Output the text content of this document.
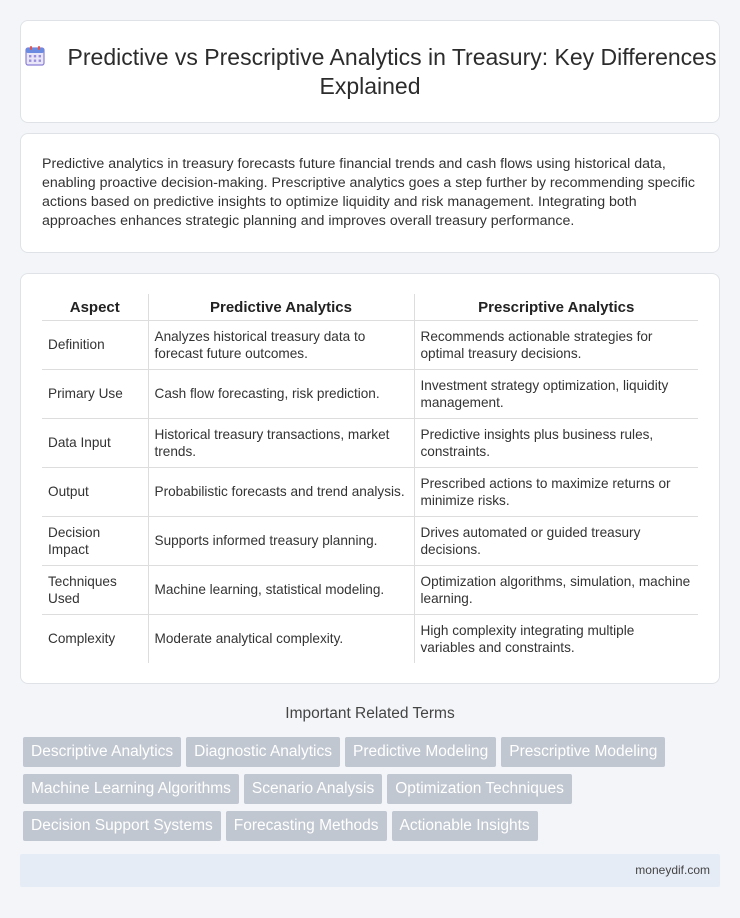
Predictive vs Prescriptive Analytics in Treasury: Key Differences Explained

Predictive analytics in treasury forecasts future financial trends and cash flows using historical data, enabling proactive decision-making. Prescriptive analytics goes a step further by recommending specific actions based on predictive insights to optimize liquidity and risk management. Integrating both approaches enhances strategic planning and improves overall treasury performance.

Aspect	Predictive Analytics	Prescriptive Analytics
Definition	Analyzes historical treasury data to forecast future outcomes.	Recommends actionable strategies for optimal treasury decisions.
Primary Use	Cash flow forecasting, risk prediction.	Investment strategy optimization, liquidity management.
Data Input	Historical treasury transactions, market trends.	Predictive insights plus business rules, constraints.
Output	Probabilistic forecasts and trend analysis.	Prescribed actions to maximize returns or minimize risks.
Decision Impact	Supports informed treasury planning.	Drives automated or guided treasury decisions.
Techniques Used	Machine learning, statistical modeling.	Optimization algorithms, simulation, machine learning.
Complexity	Moderate analytical complexity.	High complexity integrating multiple variables and constraints.
Important Related Terms
Descriptive Analytics Diagnostic Analytics Predictive Modeling Prescriptive Modeling
Machine Learning Algorithms Scenario Analysis Optimization Techniques
Decision Support Systems Forecasting Methods Actionable Insights
moneydif.com
